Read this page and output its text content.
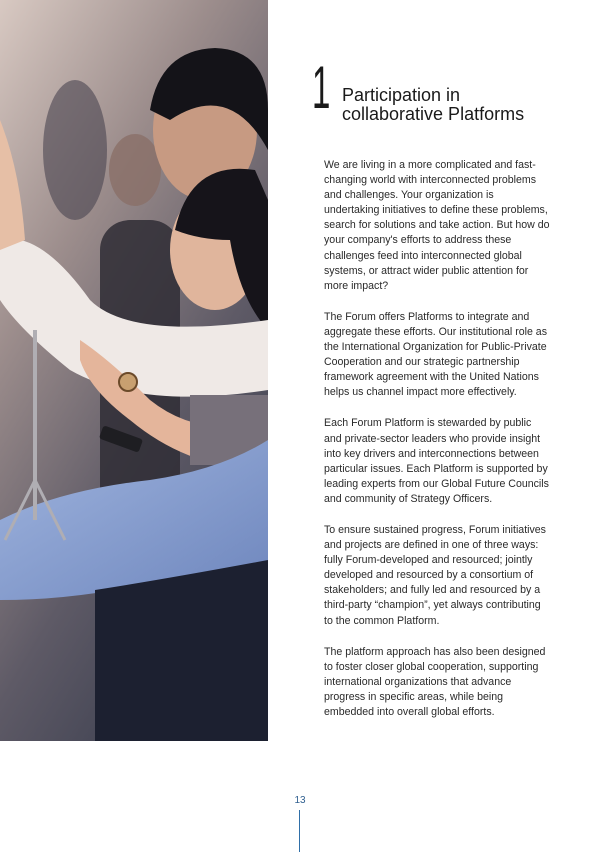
1 Participation in
collaborative Platforms

We are living in a more complicated and fast-changing world with interconnected problems and challenges. Your organization is undertaking initiatives to define these problems, search for solutions and take action. But how do your company's efforts to address these challenges feed into interconnected global systems, or attract wider public attention for more impact?

The Forum offers Platforms to integrate and aggregate these efforts. Our institutional role as the International Organization for Public-Private Cooperation and our strategic partnership framework agreement with the United Nations helps us channel impact more effectively.

Each Forum Platform is stewarded by public and private-sector leaders who provide insight into key drivers and interconnections between particular issues. Each Platform is supported by leading experts from our Global Future Councils and community of Strategy Officers.

To ensure sustained progress, Forum initiatives and projects are defined in one of three ways: fully Forum-developed and resourced; jointly developed and resourced by a consortium of stakeholders; and fully led and resourced by a third-party “champion”, yet always contributing to the common Platform.

The platform approach has also been designed to foster closer global cooperation, supporting international organizations that advance progress in specific areas, while being embedded into overall global efforts.

13
